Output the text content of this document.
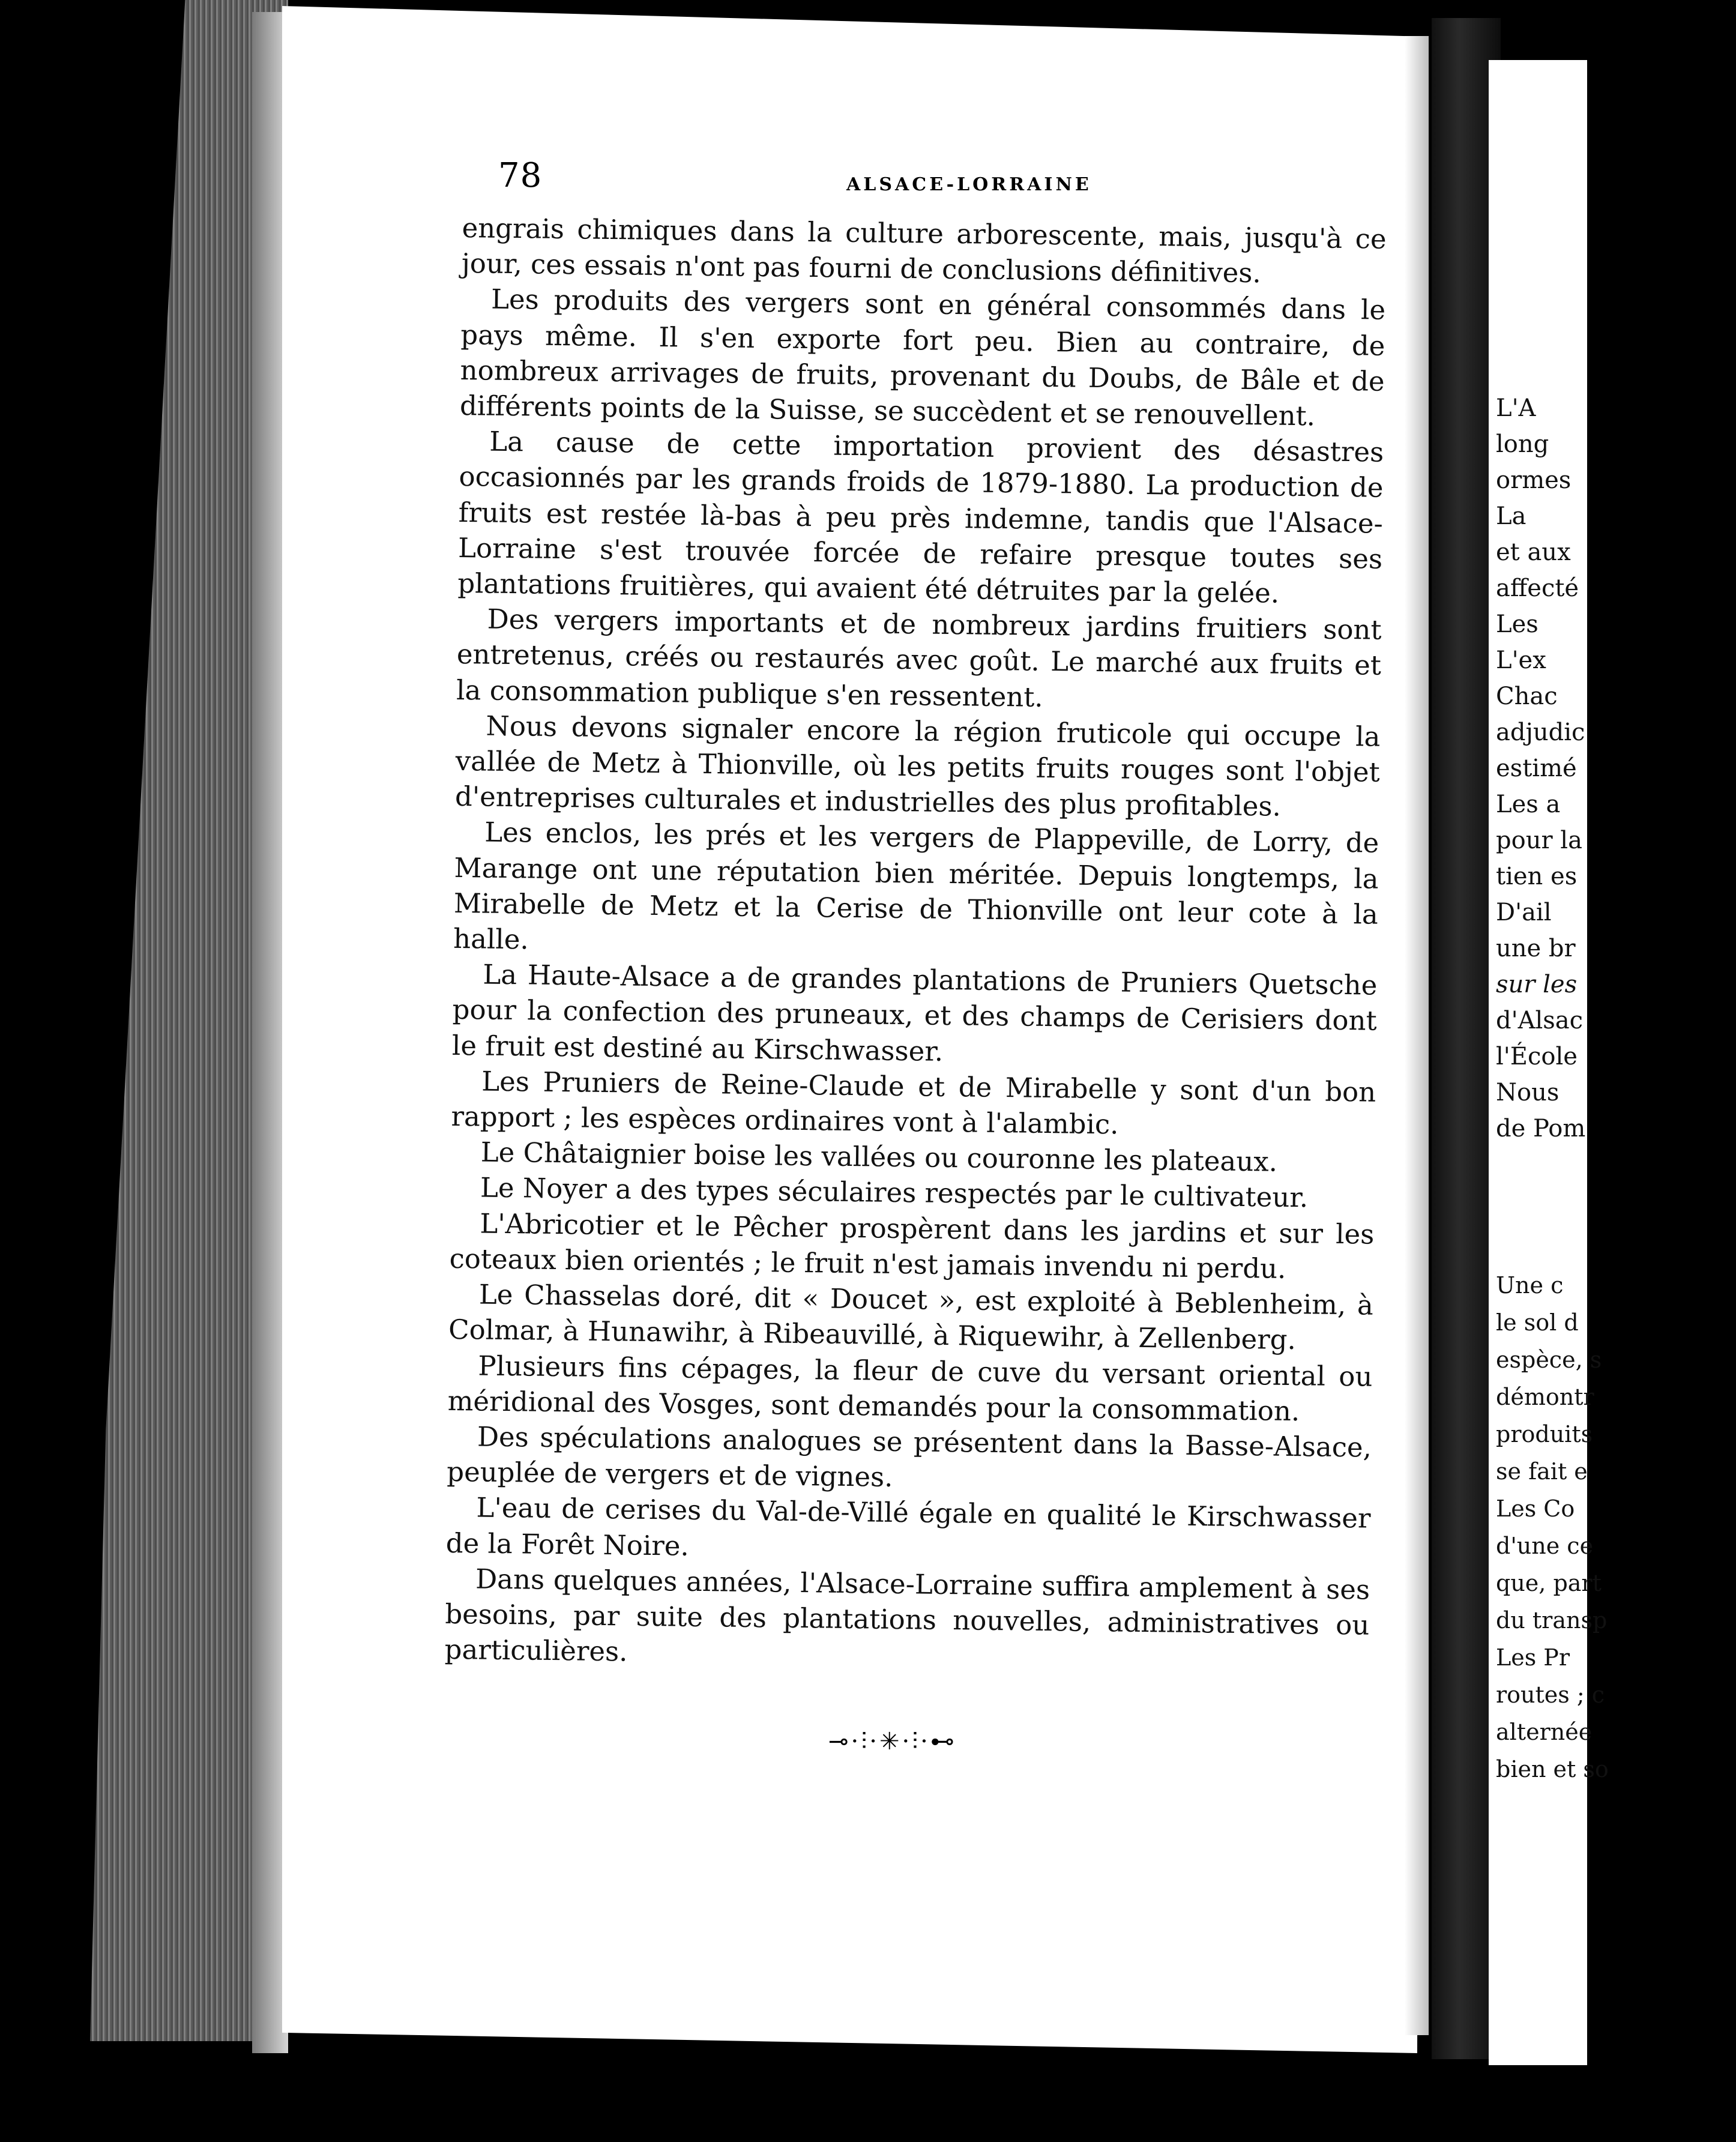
78	ALSACE-LORRAINE

engrais chimiques dans la culture arborescente, mais, jusqu'à ce jour, ces essais n'ont pas fourni de conclusions définitives.

Les produits des vergers sont en général consommés dans le pays même. Il s'en exporte fort peu. Bien au contraire, de nombreux arrivages de fruits, provenant du Doubs, de Bâle et de différents points de la Suisse, se succèdent et se renouvellent.

La cause de cette importation provient des désastres occasionnés par les grands froids de 1879-1880. La production de fruits est restée là-bas à peu près indemne, tandis que l'Alsace-Lorraine s'est trouvée forcée de refaire presque toutes ses plantations fruitières, qui avaient été détruites par la gelée.

Des vergers importants et de nombreux jardins fruitiers sont entretenus, créés ou restaurés avec goût. Le marché aux fruits et la consommation publique s'en ressentent.

Nous devons signaler encore la région fruticole qui occupe la vallée de Metz à Thionville, où les petits fruits rouges sont l'objet d'entreprises culturales et industrielles des plus profitables.

Les enclos, les prés et les vergers de Plappeville, de Lorry, de Marange ont une réputation bien méritée. Depuis longtemps, la Mirabelle de Metz et la Cerise de Thionville ont leur cote à la halle.

La Haute-Alsace a de grandes plantations de Pruniers Quetsche pour la confection des pruneaux, et des champs de Cerisiers dont le fruit est destiné au Kirschwasser.

Les Pruniers de Reine-Claude et de Mirabelle y sont d'un bon rapport ; les espèces ordinaires vont à l'alambic.

Le Châtaignier boise les vallées ou couronne les plateaux.

Le Noyer a des types séculaires respectés par le cultivateur.

L'Abricotier et le Pêcher prospèrent dans les jardins et sur les coteaux bien orientés ; le fruit n'est jamais invendu ni perdu.

Le Chasselas doré, dit « Doucet », est exploité à Beblenheim, à Colmar, à Hunawihr, à Ribeauvillé, à Riquewihr, à Zellenberg.

Plusieurs fins cépages, la fleur de cuve du versant oriental ou méridional des Vosges, sont demandés pour la consommation.

Des spéculations analogues se présentent dans la Basse-Alsace, peuplée de vergers et de vignes.

L'eau de cerises du Val-de-Villé égale en qualité le Kirschwasser de la Forêt Noire.

Dans quelques années, l'Alsace-Lorraine suffira amplement à ses besoins, par suite des plantations nouvelles, administratives ou particulières.

⊸·⫶·✳·⫶·⊷
L'A
long
ormes
La
et aux
affecté
Les
L'ex
Chac
adjudic
estimé
Les a
pour la
tien es
D'ail
une br
sur les
d'Alsac
l'École
Nous
de Pom
Une c
le sol d
espèce, s
démontr
produits
se fait e
Les Co
d'une ce
que, part
du transp
Les Pr
routes ; c
alternée
bien et so
